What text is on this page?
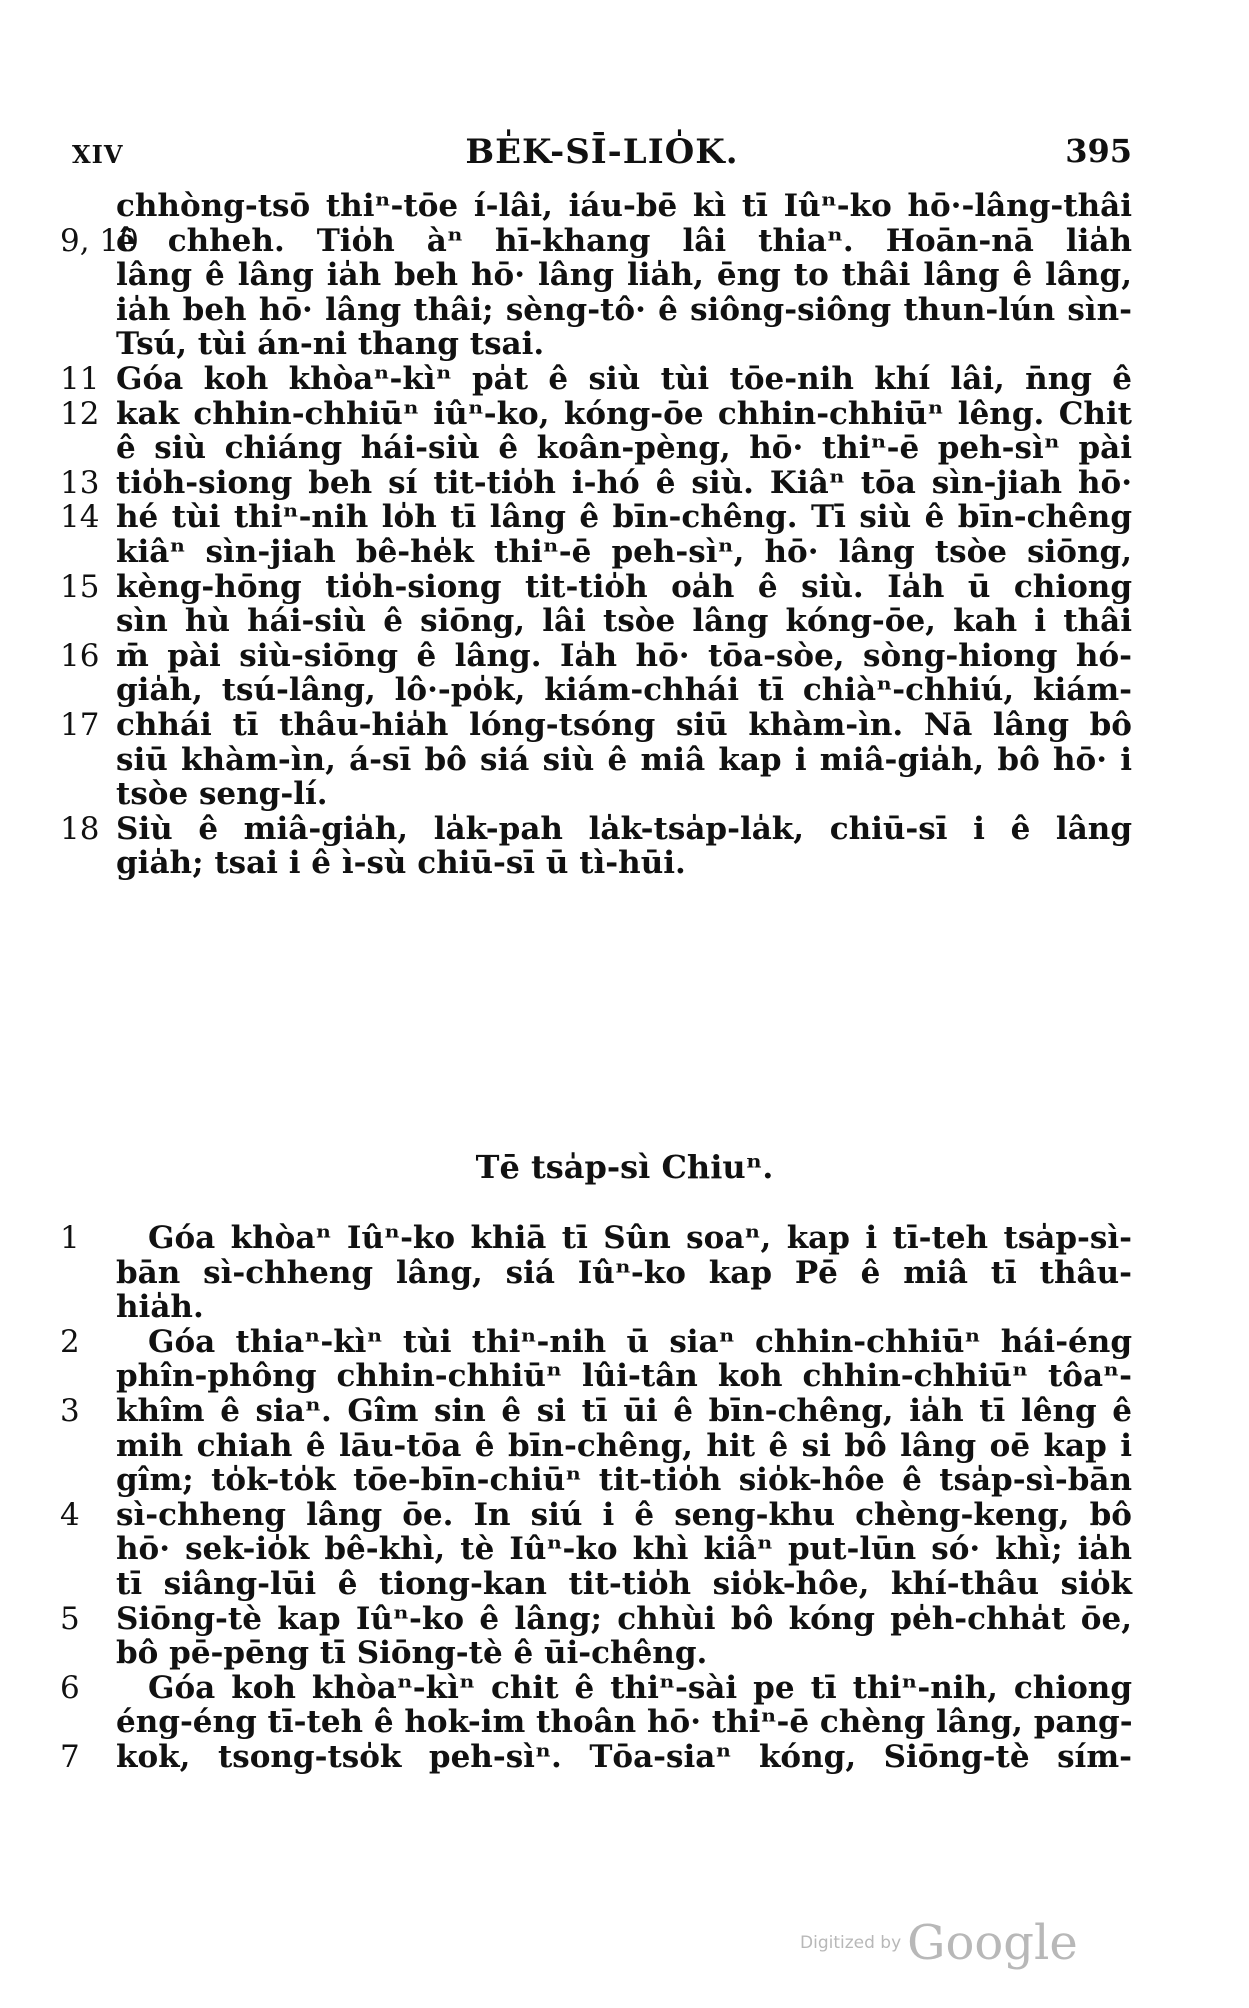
XIV	BE̍K-SĪ-LIO̍K.	395
chhòng-tsō thiⁿ-tōe í-lâi, iáu-bē kì tī Iûⁿ-ko hō·-lâng-thâi
9, 10
ê chheh. Tio̍h àⁿ hī-khang lâi thiaⁿ. Hoān-nā lia̍h
lâng ê lâng ia̍h beh hō· lâng lia̍h, ēng to thâi lâng ê lâng,
ia̍h beh hō· lâng thâi; sèng-tô· ê siông-siông thun-lún sìn-
Tsú, tùi án-ni thang tsai.
11 Góa koh khòaⁿ-kìⁿ pa̍t ê siù tùi tōe-nih khí lâi, n̄ng ê
12 kak chhin-chhiūⁿ iûⁿ-ko, kóng-ōe chhin-chhiūⁿ lêng. Chit
ê siù chiáng hái-siù ê koân-pèng, hō· thiⁿ-ē peh-sìⁿ pài
13 tio̍h-siong beh sí tit-tio̍h i-hó ê siù. Kiâⁿ tōa sìn-jiah hō·
14 hé tùi thiⁿ-nih lo̍h tī lâng ê bīn-chêng. Tī siù ê bīn-chêng
kiâⁿ sìn-jiah bê-he̍k thiⁿ-ē peh-sìⁿ, hō· lâng tsòe siōng,
15 kèng-hōng tio̍h-siong tit-tio̍h oa̍h ê siù. Ia̍h ū chiong
sìn hù hái-siù ê siōng, lâi tsòe lâng kóng-ōe, kah i thâi
16 m̄ pài siù-siōng ê lâng. Ia̍h hō· tōa-sòe, sòng-hiong hó-
gia̍h, tsú-lâng, lô·-po̍k, kiám-chhái tī chiàⁿ-chhiú, kiám-
17 chhái tī thâu-hia̍h lóng-tsóng siū khàm-ìn. Nā lâng bô
siū khàm-ìn, á-sī bô siá siù ê miâ kap i miâ-gia̍h, bô hō· i
tsòe seng-lí.
18 Siù ê miâ-gia̍h, la̍k-pah la̍k-tsa̍p-la̍k, chiū-sī i ê lâng
gia̍h; tsai i ê ì-sù chiū-sī ū tì-hūi.
Tē tsa̍p-sì Chiuⁿ.
1	Góa khòaⁿ Iûⁿ-ko khiā tī Sûn soaⁿ, kap i tī-teh tsa̍p-sì-
bān sì-chheng lâng, siá Iûⁿ-ko kap Pē ê miâ tī thâu-
hia̍h.
2	Góa thiaⁿ-kìⁿ tùi thiⁿ-nih ū siaⁿ chhin-chhiūⁿ hái-éng
phîn-phông chhin-chhiūⁿ lûi-tân koh chhin-chhiūⁿ tôaⁿ-
3	khîm ê siaⁿ. Gîm sin ê si tī ūi ê bīn-chêng, ia̍h tī lêng ê
mih chiah ê lāu-tōa ê bīn-chêng, hit ê si bô lâng oē kap i
gîm; to̍k-to̍k tōe-bīn-chiūⁿ tit-tio̍h sio̍k-hôe ê tsa̍p-sì-bān
4	sì-chheng lâng ōe. In siú i ê seng-khu chèng-keng, bô
hō· sek-io̍k bê-khì, tè Iûⁿ-ko khì kiâⁿ put-lūn só· khì; ia̍h
tī siâng-lūi ê tiong-kan tit-tio̍h sio̍k-hôe, khí-thâu sio̍k
5	Siōng-tè kap Iûⁿ-ko ê lâng; chhùi bô kóng pe̍h-chha̍t ōe,
bô pē-pēng tī Siōng-tè ê ūi-chêng.
6	Góa koh khòaⁿ-kìⁿ chit ê thiⁿ-sài pe tī thiⁿ-nih, chiong
éng-éng tī-teh ê hok-im thoân hō· thiⁿ-ē chèng lâng, pang-
7	kok, tsong-tso̍k peh-sìⁿ. Tōa-siaⁿ kóng, Siōng-tè sím-
Digitized by Google
